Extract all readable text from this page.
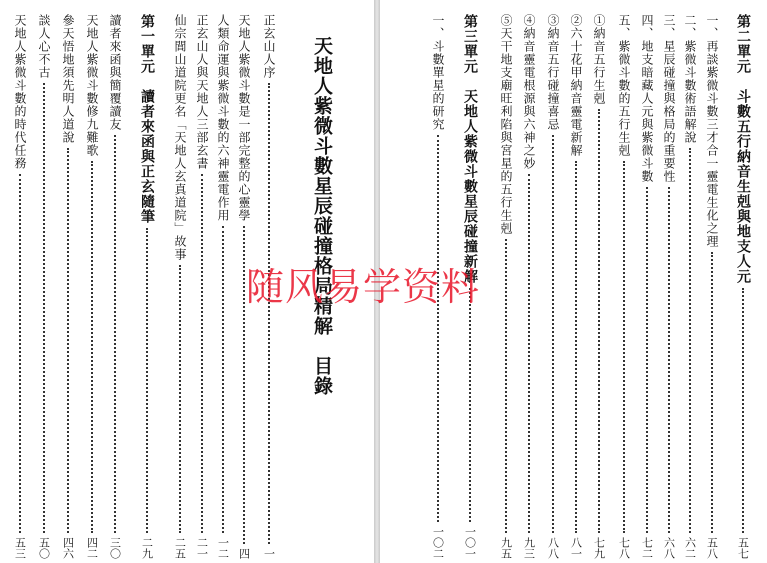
天地人紫微斗數星辰碰撞格局精解　目錄
正玄山人序
一
天地人紫微斗數是一部完整的心靈學
四
人類命運與紫微斗數的六神靈電作用
一二
正玄山人與天地人三部玄書
二一
仙宗閭山道院更名「天地人玄真道院」故事
二五
第一單元　讀者來函與正玄隨筆
二九
讀者來函與簡覆讀友
三〇
天地人紫微斗數修九難歌
四二
參天悟地須先明人道說
四六
談人心不古
五〇
天地人紫微斗數的時代任務
五三
第二單元　斗數五行納音生剋與地支人元
五七
一、再談紫微斗數三才合一靈電生化之理
五八
二、紫微斗數術語解說
六二
三、星辰碰撞與格局的重要性
六八
四、地支暗藏人元與紫微斗數
七二
五、紫微斗數的五行生剋
七八
①納音五行生剋
七九
②六十花甲納音靈電新解
八一
③納音五行碰撞喜忌
八八
④納音靈電根源與六神之妙
九三
⑤天干地支廟旺利陷與宮星的五行生剋
九五
第三單元　天地人紫微斗數星辰碰撞新解
一〇一
一、斗數單星的研究
一〇二
随风易学资料
